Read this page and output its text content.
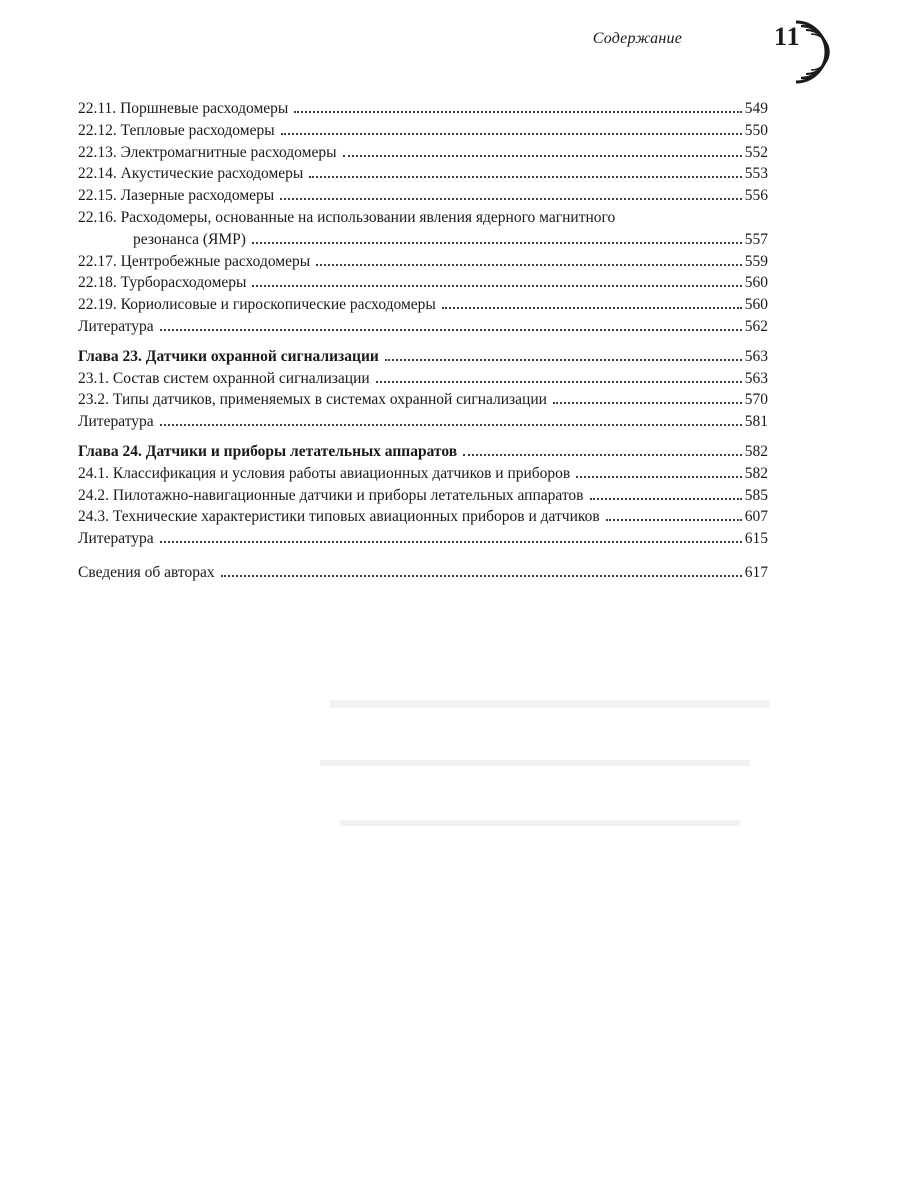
Содержание	11
22.11. Поршневые расходомеры	549
22.12. Тепловые расходомеры	550
22.13. Электромагнитные расходомеры	552
22.14. Акустические расходомеры	553
22.15. Лазерные расходомеры	556
22.16. Расходомеры, основанные на использовании явления ядерного магнитного
резонанса (ЯМР)	557
22.17. Центробежные расходомеры	559
22.18. Турборасходомеры	560
22.19. Кориолисовые и гироскопические расходомеры	560
Литература	562
Глава 23. Датчики охранной сигнализации	563
23.1. Состав систем охранной сигнализации	563
23.2. Типы датчиков, применяемых в системах охранной сигнализации	570
Литература	581
Глава 24. Датчики и приборы летательных аппаратов	582
24.1. Классификация и условия работы авиационных датчиков и приборов	582
24.2. Пилотажно-навигационные датчики и приборы летательных аппаратов	585
24.3. Технические характеристики типовых авиационных приборов и датчиков	607
Литература	615
Сведения об авторах	617
